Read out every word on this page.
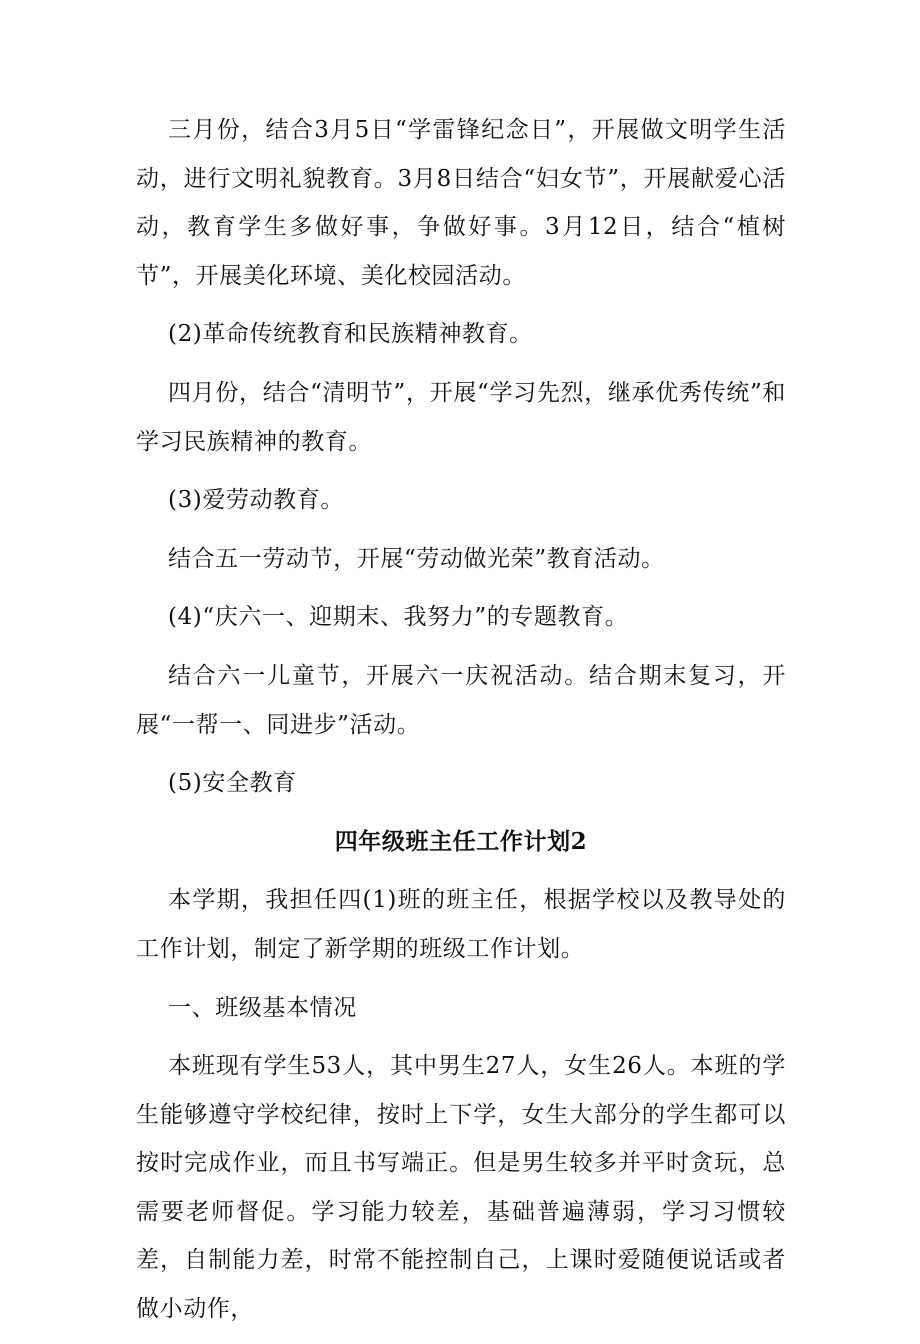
三月份，结合3月5日“学雷锋纪念日”，开展做文明学生活动，进行文明礼貌教育。3月8日结合“妇女节”，开展献爱心活动，教育学生多做好事，争做好事。3月12日，结合“植树节”，开展美化环境、美化校园活动。

(2)革命传统教育和民族精神教育。

四月份，结合“清明节”，开展“学习先烈，继承优秀传统”和学习民族精神的教育。

(3)爱劳动教育。

结合五一劳动节，开展“劳动做光荣”教育活动。

(4)“庆六一、迎期末、我努力”的专题教育。

结合六一儿童节，开展六一庆祝活动。结合期末复习，开展“一帮一、同进步”活动。

(5)安全教育

四年级班主任工作计划2

本学期，我担任四(1)班的班主任，根据学校以及教导处的工作计划，制定了新学期的班级工作计划。

一、班级基本情况

本班现有学生53人，其中男生27人，女生26人。本班的学生能够遵守学校纪律，按时上下学，女生大部分的学生都可以按时完成作业，而且书写端正。但是男生较多并平时贪玩，总需要老师督促。学习能力较差，基础普遍薄弱，学习习惯较差，自制能力差，时常不能控制自己，上课时爱随便说话或者做小动作，
